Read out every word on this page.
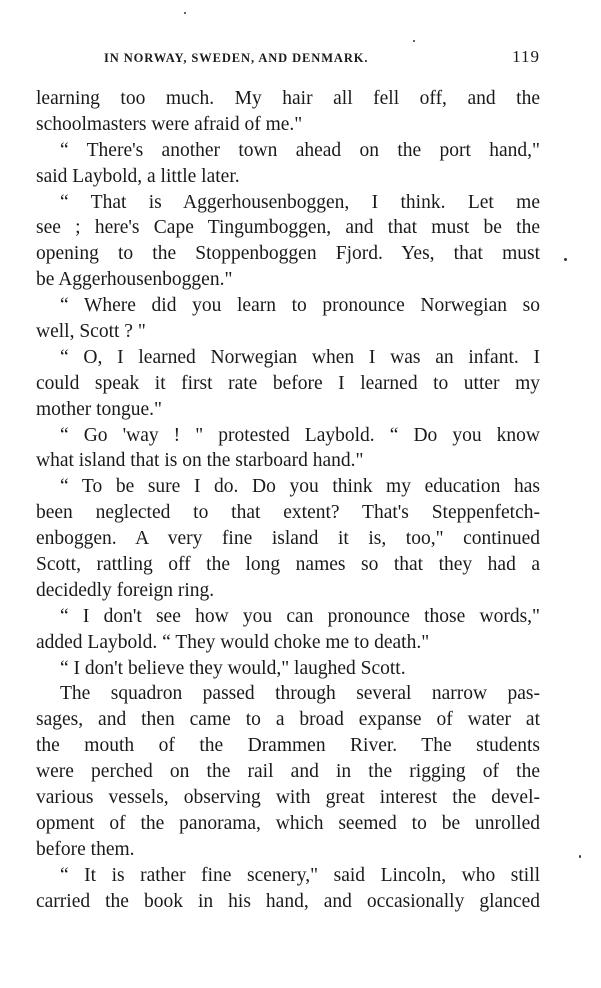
IN NORWAY, SWEDEN, AND DENMARK.	119
learning too much. My hair all fell off, and the
schoolmasters were afraid of me."
“ There's another town ahead on the port hand,"
said Laybold, a little later.
“ That is Aggerhousenboggen, I think. Let me
see ; here's Cape Tingumboggen, and that must be the
opening to the Stoppenboggen Fjord. Yes, that must
be Aggerhousenboggen."
“ Where did you learn to pronounce Norwegian so
well, Scott ? "
“ O, I learned Norwegian when I was an infant. I
could speak it first rate before I learned to utter my
mother tongue."
“ Go 'way ! " protested Laybold. “ Do you know
what island that is on the starboard hand."
“ To be sure I do. Do you think my education has
been neglected to that extent? That's Steppenfetch-
enboggen. A very fine island it is, too," continued
Scott, rattling off the long names so that they had a
decidedly foreign ring.
“ I don't see how you can pronounce those words,"
added Laybold. “ They would choke me to death."
“ I don't believe they would," laughed Scott.
The squadron passed through several narrow pas-
sages, and then came to a broad expanse of water at
the mouth of the Drammen River. The students
were perched on the rail and in the rigging of the
various vessels, observing with great interest the devel-
opment of the panorama, which seemed to be unrolled
before them.
“ It is rather fine scenery," said Lincoln, who still
carried the book in his hand, and occasionally glanced
